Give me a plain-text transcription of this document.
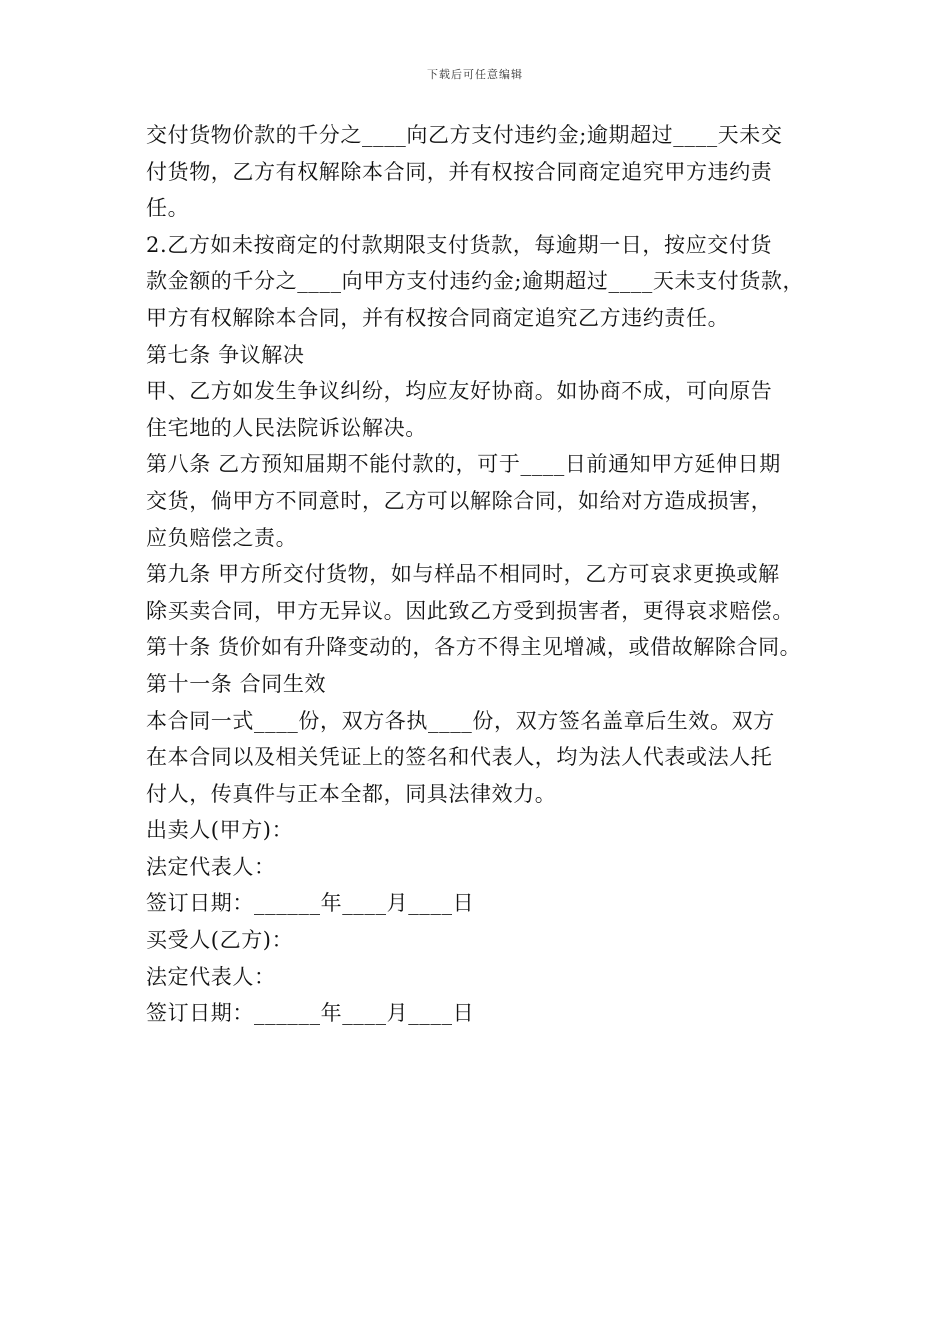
下载后可任意编辑
交付货物价款的千分之____向乙方支付违约金;逾期超过____天未交
付货物，乙方有权解除本合同，并有权按合同商定追究甲方违约责
任。
2.乙方如未按商定的付款期限支付货款，每逾期一日，按应交付货
款金额的千分之____向甲方支付违约金;逾期超过____天未支付货款，
甲方有权解除本合同，并有权按合同商定追究乙方违约责任。
第七条 争议解决
甲、乙方如发生争议纠纷，均应友好协商。如协商不成，可向原告
住宅地的人民法院诉讼解决。
第八条 乙方预知届期不能付款的，可于____日前通知甲方延伸日期
交货，倘甲方不同意时，乙方可以解除合同，如给对方造成损害，
应负赔偿之责。
第九条 甲方所交付货物，如与样品不相同时，乙方可哀求更换或解
除买卖合同，甲方无异议。因此致乙方受到损害者，更得哀求赔偿。
第十条 货价如有升降变动的，各方不得主见增减，或借故解除合同。
第十一条 合同生效
本合同一式____份，双方各执____份，双方签名盖章后生效。双方
在本合同以及相关凭证上的签名和代表人，均为法人代表或法人托
付人，传真件与正本全都，同具法律效力。
出卖人(甲方)：
法定代表人：
签订日期：______年____月____日
买受人(乙方)：
法定代表人：
签订日期：______年____月____日
